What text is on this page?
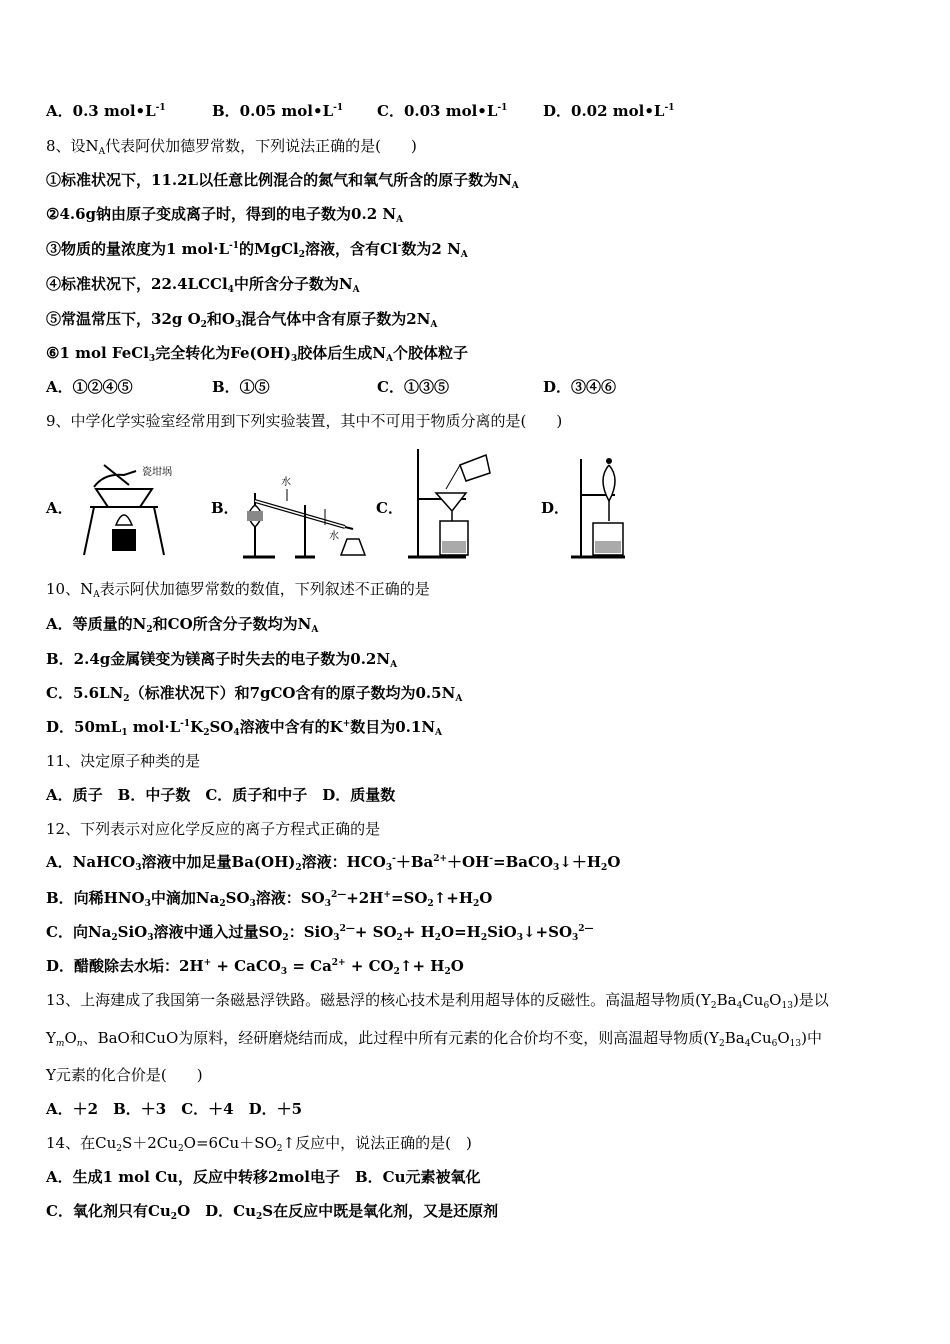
A．0.3 $mol•L^{-1}$	B．0.05 $mol•L^{-1}$ C．0.03 $mol•L^{-1}$ D．0.02 $mol•L^{-1}$
8、设$N_A$代表阿伏加德罗常数，下列说法正确的是(　　)
①标准状况下，11.2L以任意比例混合的氮气和氧气所含的原子数为$N_A$
②4.6g钠由原子变成离子时，得到的电子数为0.2 $N_A$
③物质的量浓度为1 $mol\cdot L^{-1}$的MgCl$_2$溶液，含有Cl-数为2 $N_A$
④标准状况下，22.4LCCl$_4$中所含分子数为$N_A$
⑤常温常压下，32g $O_2$和$O_3$混合气体中含有原子数为$2N_A$
⑥1 mol FeCl$_3$完全转化为$Fe(OH)_3$胶体后生成$N_A$个胶体粒子
A．①②④⑤	B．①⑤	C．①③⑤	D．③④⑥
9、中学化学实验室经常用到下列实验装置，其中不可用于物质分离的是(　　)
A．
瓷坩埚
B．
水
水
C．	D．
10、$N_A$表示阿伏加德罗常数的数值，下列叙述不正确的是
A．等质量的$N_2$和CO所含分子数均为$N_A$
B．2.4g金属镁变为镁离子时失去的电子数为$0.2N_A$
C．$5.6LN_2$（标准状况下）和7gCO含有的原子数均为$0.5N_A$
D．$50mL_1$ $mol\cdot L^{-1}K_2SO_4$溶液中含有的K+数目为$0.1N_A$
11、决定原子种类的是
A．质子　B．中子数　C．质子和中子　D．质量数
12、下列表示对应化学反应的离子方程式正确的是
A．NaHCO$_3$溶液中加足量$Ba(OH)_2$溶液：$HCO_3^-+Ba^{2+}+OH^-=BaCO_3↓+H_2O$
B．向稀$HNO_3$中滴加$Na_2SO_3$溶液：$SO_3^{2—}+2H^+=SO_2↑+H_2O$
C．向$Na_2SiO_3$溶液中通入过量$SO_2$：$SiO_3^{2—}+ SO_2+$ $H_2O=H_2SiO_3↓+SO_3^{2—}$
D．醋酸除去水垢：2H+ + CaCO$_3$ = $Ca^{2+}$ + $CO_2↑+ H_2O$
13、上海建成了我国第一条磁悬浮铁路。磁悬浮的核心技术是利用超导体的反磁性。高温超导物质$(Y_2Ba_4Cu_6O_{13})$是以
$Y_mO_n$、BaO和CuO为原料，经研磨烧结而成，此过程中所有元素的化合价均不变，则高温超导物质$(Y_2Ba_4Cu_6O_{13})$中
Y元素的化合价是(　　)
A．＋2　B．＋3　C．＋4　D．＋5
14、在$Cu_2S+2Cu_2O=6Cu+SO_2↑$反应中，说法正确的是(　)
A．生成1 mol Cu，反应中转移2mol电子　B．Cu元素被氧化
C．氧化剂只有$Cu_2O$　D．$Cu_2S$在反应中既是氧化剂，又是还原剂
